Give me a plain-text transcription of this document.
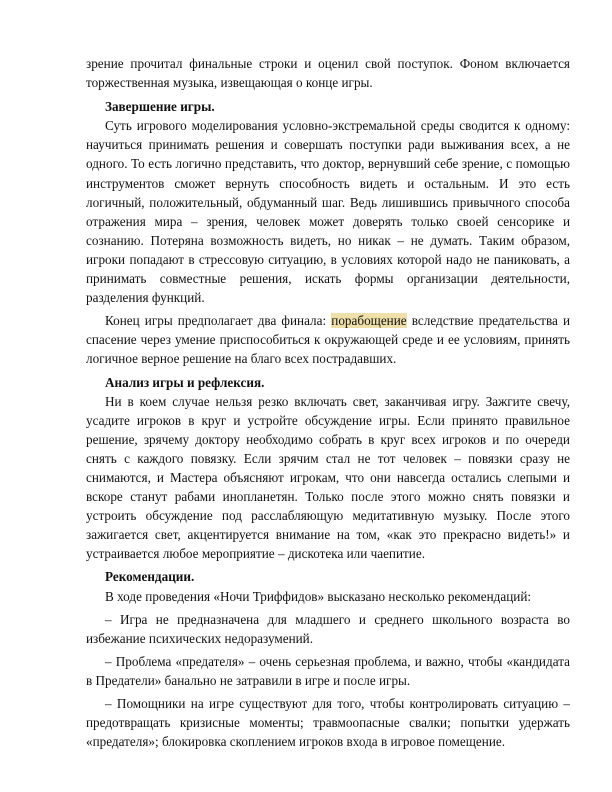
зрение прочитал финальные строки и оценил свой поступок. Фоном включается торжественная музыка, извещающая о конце игры.

Завершение игры.

Суть игрового моделирования условно-экстремальной среды сводится к одному: научиться принимать решения и совершать поступки ради выживания всех, а не одного. То есть логично представить, что доктор, вернувший себе зрение, с помощью инструментов сможет вернуть способность видеть и остальным. И это есть логичный, положительный, обдуманный шаг. Ведь лишившись привычного способа отражения мира – зрения, человек может доверять только своей сенсорике и сознанию. Потеряна возможность видеть, но никак – не думать. Таким образом, игроки попадают в стрессовую ситуацию, в условиях которой надо не паниковать, а принимать совместные решения, искать формы организации деятельности, разделения функций.

Конец игры предполагает два финала: порабощение вследствие предательства и спасение через умение приспособиться к окружающей среде и ее условиям, принять логичное верное решение на благо всех пострадавших.

Анализ игры и рефлексия.

Ни в коем случае нельзя резко включать свет, заканчивая игру. Зажгите свечу, усадите игроков в круг и устройте обсуждение игры. Если принято правильное решение, зрячему доктору необходимо собрать в круг всех игроков и по очереди снять с каждого повязку. Если зрячим стал не тот человек – повязки сразу не снимаются, и Мастера объясняют игрокам, что они навсегда остались слепыми и вскоре станут рабами инопланетян. Только после этого можно снять повязки и устроить обсуждение под расслабляющую медитативную музыку. После этого зажигается свет, акцентируется внимание на том, «как это прекрасно видеть!» и устраивается любое мероприятие – дискотека или чаепитие.

Рекомендации.

В ходе проведения «Ночи Триффидов» высказано несколько рекомендаций:

– Игра не предназначена для младшего и среднего школьного возраста во избежание психических недоразумений.

– Проблема «предателя» – очень серьезная проблема, и важно, чтобы «кандидата в Предатели» банально не затравили в игре и после игры.

– Помощники на игре существуют для того, чтобы контролировать ситуацию – предотвращать кризисные моменты; травмоопасные свалки; попытки удержать «предателя»; блокировка скоплением игроков входа в игровое помещение.
